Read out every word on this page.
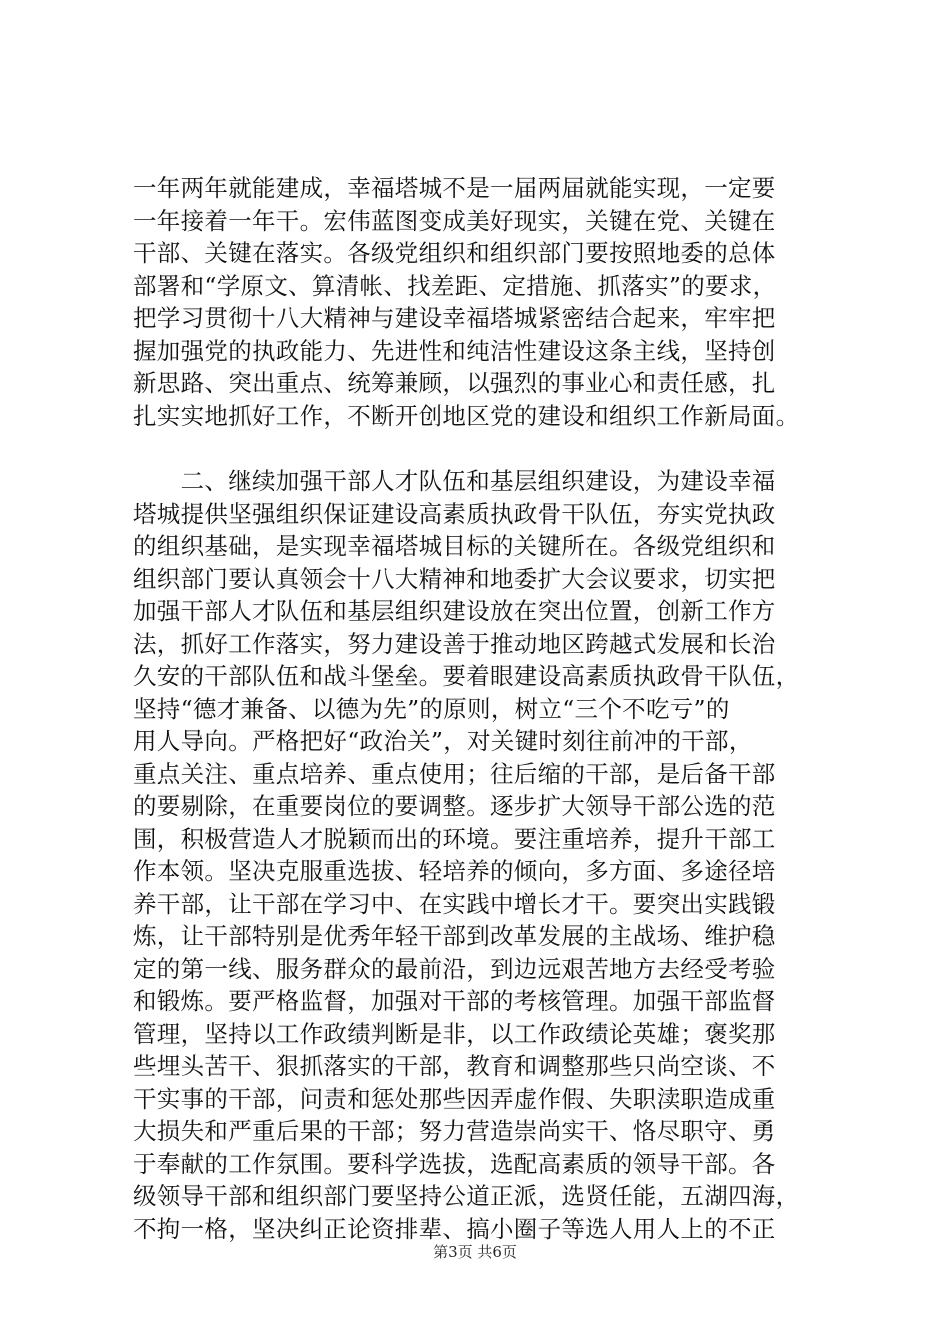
一年两年就能建成，幸福塔城不是一届两届就能实现，一定要
一年接着一年干。宏伟蓝图变成美好现实，关键在党、关键在
干部、关键在落实。各级党组织和组织部门要按照地委的总体
部署和“学原文、算清帐、找差距、定措施、抓落实”的要求，
把学习贯彻十八大精神与建设幸福塔城紧密结合起来，牢牢把
握加强党的执政能力、先进性和纯洁性建设这条主线，坚持创
新思路、突出重点、统筹兼顾，以强烈的事业心和责任感，扎
扎实实地抓好工作，不断开创地区党的建设和组织工作新局面。
　　二、继续加强干部人才队伍和基层组织建设，为建设幸福
塔城提供坚强组织保证建设高素质执政骨干队伍，夯实党执政
的组织基础，是实现幸福塔城目标的关键所在。各级党组织和
组织部门要认真领会十八大精神和地委扩大会议要求，切实把
加强干部人才队伍和基层组织建设放在突出位置，创新工作方
法，抓好工作落实，努力建设善于推动地区跨越式发展和长治
久安的干部队伍和战斗堡垒。要着眼建设高素质执政骨干队伍，
坚持“德才兼备、以德为先”的原则，树立“三个不吃亏”的
用人导向。严格把好“政治关”，对关键时刻往前冲的干部，
重点关注、重点培养、重点使用；往后缩的干部，是后备干部
的要剔除，在重要岗位的要调整。逐步扩大领导干部公选的范
围，积极营造人才脱颖而出的环境。要注重培养，提升干部工
作本领。坚决克服重选拔、轻培养的倾向，多方面、多途径培
养干部，让干部在学习中、在实践中增长才干。要突出实践锻
炼，让干部特别是优秀年轻干部到改革发展的主战场、维护稳
定的第一线、服务群众的最前沿，到边远艰苦地方去经受考验
和锻炼。要严格监督，加强对干部的考核管理。加强干部监督
管理，坚持以工作政绩判断是非，以工作政绩论英雄；褒奖那
些埋头苦干、狠抓落实的干部，教育和调整那些只尚空谈、不
干实事的干部，问责和惩处那些因弄虚作假、失职渎职造成重
大损失和严重后果的干部；努力营造崇尚实干、恪尽职守、勇
于奉献的工作氛围。要科学选拔，选配高素质的领导干部。各
级领导干部和组织部门要坚持公道正派，选贤任能，五湖四海，
不拘一格，坚决纠正论资排辈、搞小圈子等选人用人上的不正
第3页 共6页
